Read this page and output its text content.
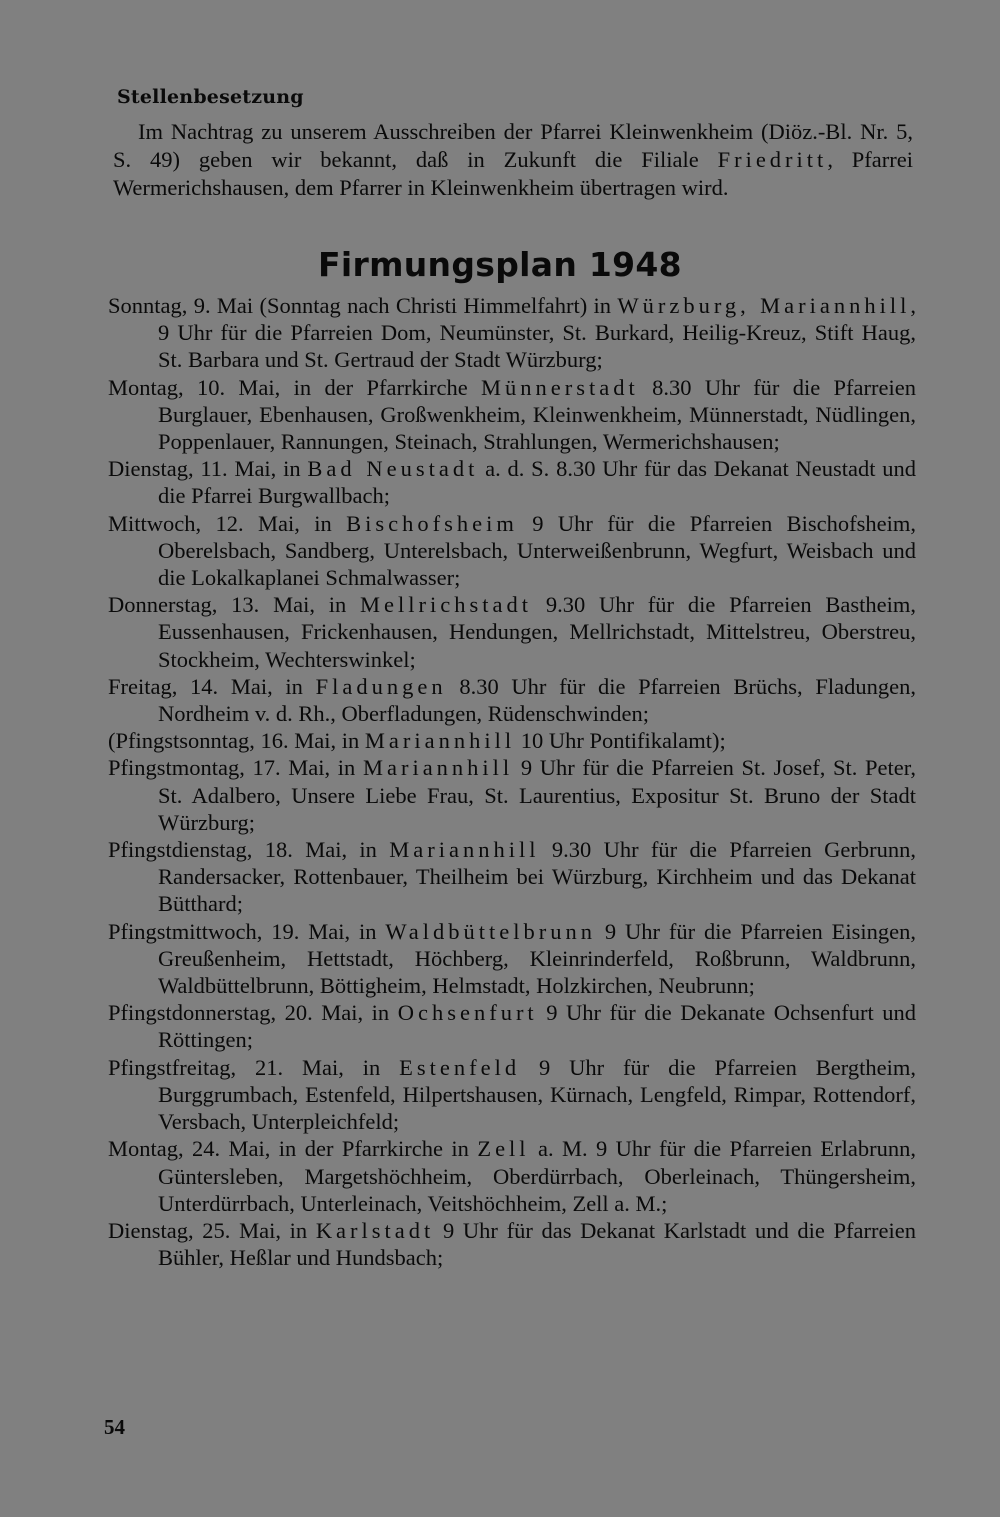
Stellenbesetzung

Im Nachtrag zu unserem Ausschreiben der Pfarrei Kleinwenkheim (Diöz.-Bl. Nr. 5, S. 49) geben wir bekannt, daß in Zukunft die Filiale Friedritt, Pfarrei Wermerichshausen, dem Pfarrer in Kleinwenkheim übertragen wird.

Firmungsplan 1948

Sonntag, 9. Mai (Sonntag nach Christi Himmelfahrt) in Würzburg, Mariannhill, 9 Uhr für die Pfarreien Dom, Neumünster, St. Burkard, Heilig-Kreuz, Stift Haug, St. Barbara und St. Gertraud der Stadt Würzburg;

Montag, 10. Mai, in der Pfarrkirche Münnerstadt 8.30 Uhr für die Pfarreien Burglauer, Ebenhausen, Großwenkheim, Kleinwenkheim, Münnerstadt, Nüdlingen, Poppenlauer, Rannungen, Steinach, Strahlungen, Wermerichshausen;

Dienstag, 11. Mai, in Bad Neustadt a. d. S. 8.30 Uhr für das Dekanat Neustadt und die Pfarrei Burgwallbach;

Mittwoch, 12. Mai, in Bischofsheim 9 Uhr für die Pfarreien Bischofsheim, Oberelsbach, Sandberg, Unterelsbach, Unterweißenbrunn, Wegfurt, Weisbach und die Lokalkaplanei Schmalwasser;

Donnerstag, 13. Mai, in Mellrichstadt 9.30 Uhr für die Pfarreien Bastheim, Eussenhausen, Frickenhausen, Hendungen, Mellrichstadt, Mittelstreu, Oberstreu, Stockheim, Wechterswinkel;

Freitag, 14. Mai, in Fladungen 8.30 Uhr für die Pfarreien Brüchs, Fladungen, Nordheim v. d. Rh., Oberfladungen, Rüdenschwinden;

(Pfingstsonntag, 16. Mai, in Mariannhill 10 Uhr Pontifikalamt);

Pfingstmontag, 17. Mai, in Mariannhill 9 Uhr für die Pfarreien St. Josef, St. Peter, St. Adalbero, Unsere Liebe Frau, St. Laurentius, Expositur St. Bruno der Stadt Würzburg;

Pfingstdienstag, 18. Mai, in Mariannhill 9.30 Uhr für die Pfarreien Gerbrunn, Randersacker, Rottenbauer, Theilheim bei Würzburg, Kirchheim und das Dekanat Bütthard;

Pfingstmittwoch, 19. Mai, in Waldbüttelbrunn 9 Uhr für die Pfarreien Eisingen, Greußenheim, Hettstadt, Höchberg, Kleinrinderfeld, Roßbrunn, Waldbrunn, Waldbüttelbrunn, Böttigheim, Helmstadt, Holzkirchen, Neubrunn;

Pfingstdonnerstag, 20. Mai, in Ochsenfurt 9 Uhr für die Dekanate Ochsenfurt und Röttingen;

Pfingstfreitag, 21. Mai, in Estenfeld 9 Uhr für die Pfarreien Bergtheim, Burggrumbach, Estenfeld, Hilpertshausen, Kürnach, Lengfeld, Rimpar, Rottendorf, Versbach, Unterpleichfeld;

Montag, 24. Mai, in der Pfarrkirche in Zell a. M. 9 Uhr für die Pfarreien Erlabrunn, Güntersleben, Margetshöchheim, Oberdürrbach, Oberleinach, Thüngersheim, Unterdürrbach, Unterleinach, Veitshöchheim, Zell a. M.;

Dienstag, 25. Mai, in Karlstadt 9 Uhr für das Dekanat Karlstadt und die Pfarreien Bühler, Heßlar und Hundsbach;

54
